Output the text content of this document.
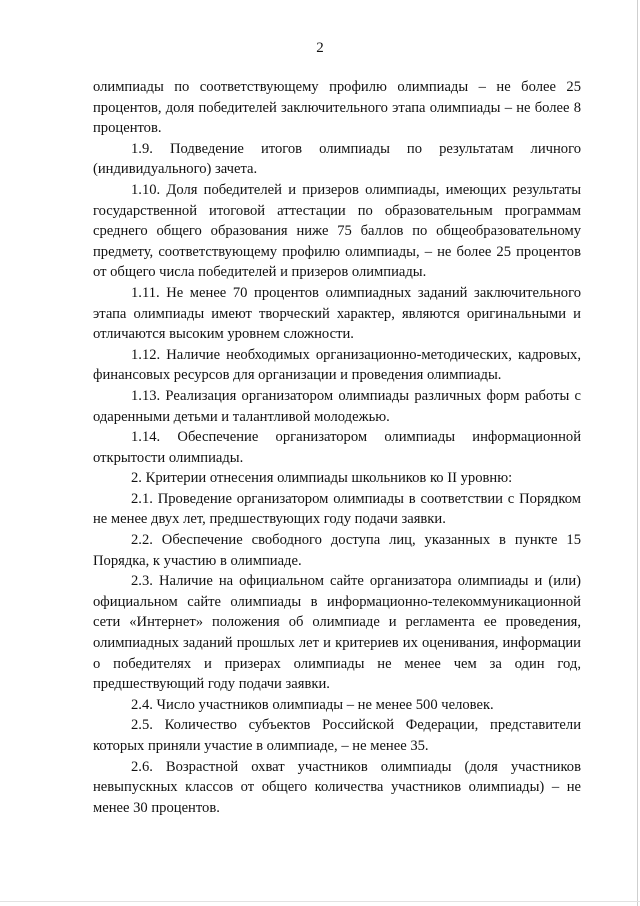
2

олимпиады по соответствующему профилю олимпиады – не более 25 процентов, доля победителей заключительного этапа олимпиады – не более 8 процентов.

1.9. Подведение итогов олимпиады по результатам личного (индивидуального) зачета.

1.10. Доля победителей и призеров олимпиады, имеющих результаты государственной итоговой аттестации по образовательным программам среднего общего образования ниже 75 баллов по общеобразовательному предмету, соответствующему профилю олимпиады, – не более 25 процентов от общего числа победителей и призеров олимпиады.

1.11. Не менее 70 процентов олимпиадных заданий заключительного этапа олимпиады имеют творческий характер, являются оригинальными и отличаются высоким уровнем сложности.

1.12. Наличие необходимых организационно-методических, кадровых, финансовых ресурсов для организации и проведения олимпиады.

1.13. Реализация организатором олимпиады различных форм работы с одаренными детьми и талантливой молодежью.

1.14. Обеспечение организатором олимпиады информационной открытости олимпиады.

2. Критерии отнесения олимпиады школьников ко II уровню:

2.1. Проведение организатором олимпиады в соответствии с Порядком не менее двух лет, предшествующих году подачи заявки.

2.2. Обеспечение свободного доступа лиц, указанных в пункте 15 Порядка, к участию в олимпиаде.

2.3. Наличие на официальном сайте организатора олимпиады и (или) официальном сайте олимпиады в информационно-телекоммуникационной сети «Интернет» положения об олимпиаде и регламента ее проведения, олимпиадных заданий прошлых лет и критериев их оценивания, информации о победителях и призерах олимпиады не менее чем за один год, предшествующий году подачи заявки.

2.4. Число участников олимпиады – не менее 500 человек.

2.5. Количество субъектов Российской Федерации, представители которых приняли участие в олимпиаде, – не менее 35.

2.6. Возрастной охват участников олимпиады (доля участников невыпускных классов от общего количества участников олимпиады) – не менее 30 процентов.
